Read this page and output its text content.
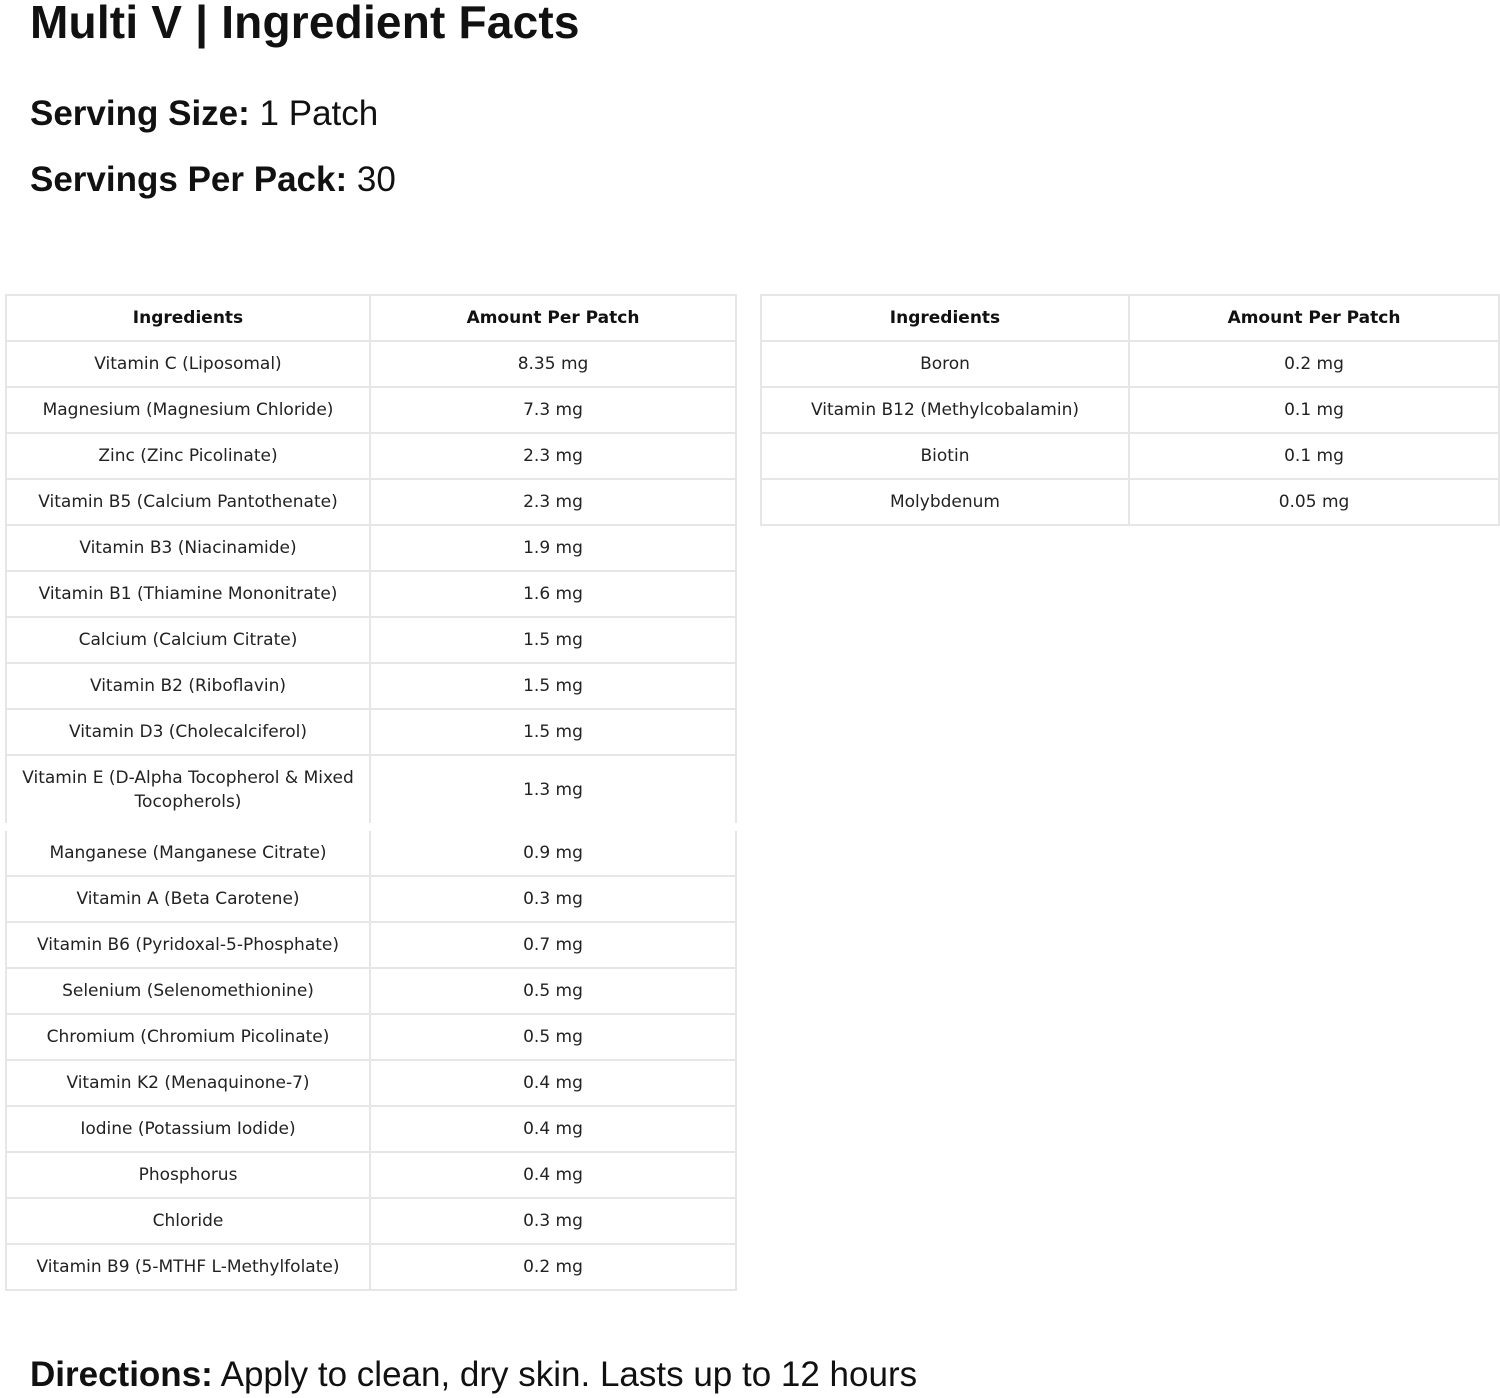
Multi V | Ingredient Facts

Serving Size: 1 Patch

Servings Per Pack: 30

Ingredients	Amount Per Patch
Vitamin C (Liposomal)	8.35 mg
Magnesium (Magnesium Chloride)	7.3 mg
Zinc (Zinc Picolinate)	2.3 mg
Vitamin B5 (Calcium Pantothenate)	2.3 mg
Vitamin B3 (Niacinamide)	1.9 mg
Vitamin B1 (Thiamine Mononitrate)	1.6 mg
Calcium (Calcium Citrate)	1.5 mg
Vitamin B2 (Riboflavin)	1.5 mg
Vitamin D3 (Cholecalciferol)	1.5 mg
Vitamin E (D-Alpha Tocopherol & Mixed Tocopherols)	1.3 mg
Manganese (Manganese Citrate)	0.9 mg
Vitamin A (Beta Carotene)	0.3 mg
Vitamin B6 (Pyridoxal-5-Phosphate)	0.7 mg
Selenium (Selenomethionine)	0.5 mg
Chromium (Chromium Picolinate)	0.5 mg
Vitamin K2 (Menaquinone-7)	0.4 mg
Iodine (Potassium Iodide)	0.4 mg
Phosphorus	0.4 mg
Chloride	0.3 mg
Vitamin B9 (5-MTHF L-Methylfolate)	0.2 mg
Ingredients	Amount Per Patch
Boron	0.2 mg
Vitamin B12 (Methylcobalamin)	0.1 mg
Biotin	0.1 mg
Molybdenum	0.05 mg

Directions: Apply to clean, dry skin. Lasts up to 12 hours
